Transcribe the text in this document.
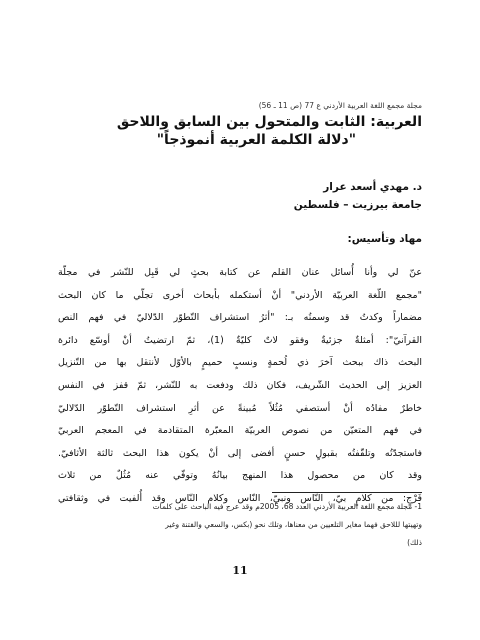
مجلة مجمع اللغة العربية الأردني ع 77 (ص 11 ـ 56)
العربية: الثابت والمتحول بين السابق واللاحق
"دلالة الكلمة العربية أنموذجاً"
د. مهدي أسعد عرار
جامعة بيرزيت – فلسطين
مهاد وتأسيس:
عنّ لي وأنا أُسائل عنان القلم عن كتابة بحثٍ لي قَبِل للنّشر في مجلّة
"مجمع اللّغة العربيّة الأردني" أنْ أستكمله بأبحاث أخرى تجلّي ما كان البحث
مضماراً وكدتُ قد وسمتُه بـ: "أثرُ استشراف التّطوّر الدّلاليّ في فهم النص
القرآنيّ": أمثلةٌ جزئيةٌ وفقو لاتٌ كليّةٌ (1)، ثمّ ارتضيتُ أنْ أوسّع دائرة
البحث ذاك ببحث آخرَ ذي لُحمةٍ ونسبٍ حميمٍ بالأوّل لأنتقل بها من التّنزيل
العزيز إلى الحديث الشّريف، فكان ذلك ودفعت به للنّشر، ثمّ قفز في النفس
خاطرٌ مفادُه أنْ أستصفي مُثُلاً مُبينةً عن أثرِ استشراف التّطوّر الدّلاليّ
في فهم المتعيّن من نصوص العربيّة المعبّرة المتقادمة في المعجم العربيّ
فاستجدّتُه وتلقّفتُه بقبولٍ حسنٍ أفضى إلى أنْ يكون هذا البحث ثالثة الأثافيّ.
وقد كان من محصول هذا المنهج بيانُهُ وتوفّي عنه مُثُلٌ من ثلاث
فَرْجٍ: من كلامٍ بيّ، النّاس ونبيّ، النّاس وكلام النّاس وقد أُلفيت في وثقافتي
1- مجلة مجمع اللغة العربية الأردني العدد 68، 2005م وقد عرج فيه الباحث على كلمات
وتهيتها لللاحق فهما مغاير التلعيين من معناها، وتلك نحو (بكس، والسعي والفتنة وغير
ذلك)
11
